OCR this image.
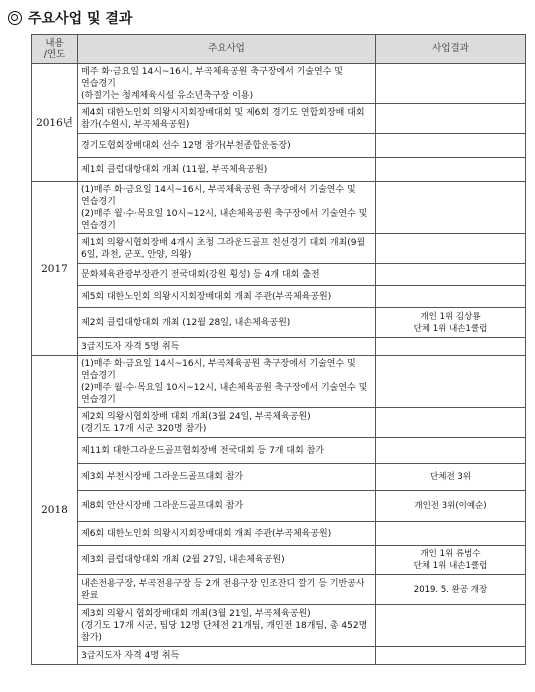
주요사업 및 결과
내용
/연도	주요사업	사업결과
2016년	매주 화·금요일 14시~16시, 부곡체육공원 축구장에서 기술연수 및 연습경기
(하절기는 청계체육시설 유소년축구장 이용)	
	제4회 대한노인회 의왕시지회장배대회 및 제6회 경기도 연합회장배 대회 참가(수원시, 부곡체육공원)	
	경기도협회장배대회 선수 12명 참가(부천종합운동장)	
	제1회 클럽대항대회 개최 (11월, 부곡체육공원)	
2017	(1)매주 화·금요일 14시~16시, 부곡체육공원 축구장에서 기술연수 및 연습경기
(2)매주 월·수·목요일 10시~12시, 내손체육공원 축구장에서 기술연수 및 연습경기	
	제1회 의왕시협회장배 4개시 초청 그라운드골프 친선경기 대회 개최(9월 6일, 과천, 군포, 안양, 의왕)	
	문화체육관광부장관기 전국대회(강원 횡성) 등 4개 대회 출전	
	제5회 대한노인회 의왕시지회장배대회 개최 주관(부곡체육공원)	
	제2회 클럽대항대회 개최 (12월 28일, 내손체육공원)	개인 1위 김상룡
단체 1위 내손1클럽
	3급지도자 자격 5명 취득	
2018	(1)매주 화·금요일 14시~16시, 부곡체육공원 축구장에서 기술연수 및 연습경기
(2)매주 월·수·목요일 10시~12시, 내손체육공원 축구장에서 기술연수 및 연습경기	
	제2회 의왕시협회장배 대회 개최(3월 24일, 부곡체육공원)
(경기도 17개 시군 320명 참가)	
	제11회 대한그라운드골프협회장배 전국대회 등 7개 대회 참가	
	제3회 부천시장배 그라운드골프대회 참가	단체전 3위
	제8회 안산시장배 그라운드골프대회 참가	개인전 3위(이예순)
	제6회 대한노인회 의왕시지회장배대회 개최 주관(부곡체육공원)	
	제3회 클럽대항대회 개최 (2월 27일, 내손체육공원)	개인 1위 류범수
단체 1위 내손1클럽
	내손전용구장, 부곡전용구장 등 2개 전용구장 인조잔디 깔기 등 기반공사 완료	2019. 5. 완공 개장
	제3회 의왕시 협회장배대회 개최(3월 21일, 부곡체육공원)
(경기도 17개 시군, 팀당 12명 단체전 21개팀, 개인전 18개팀, 총 452명 참가)	
	3급지도자 자격 4명 취득	
